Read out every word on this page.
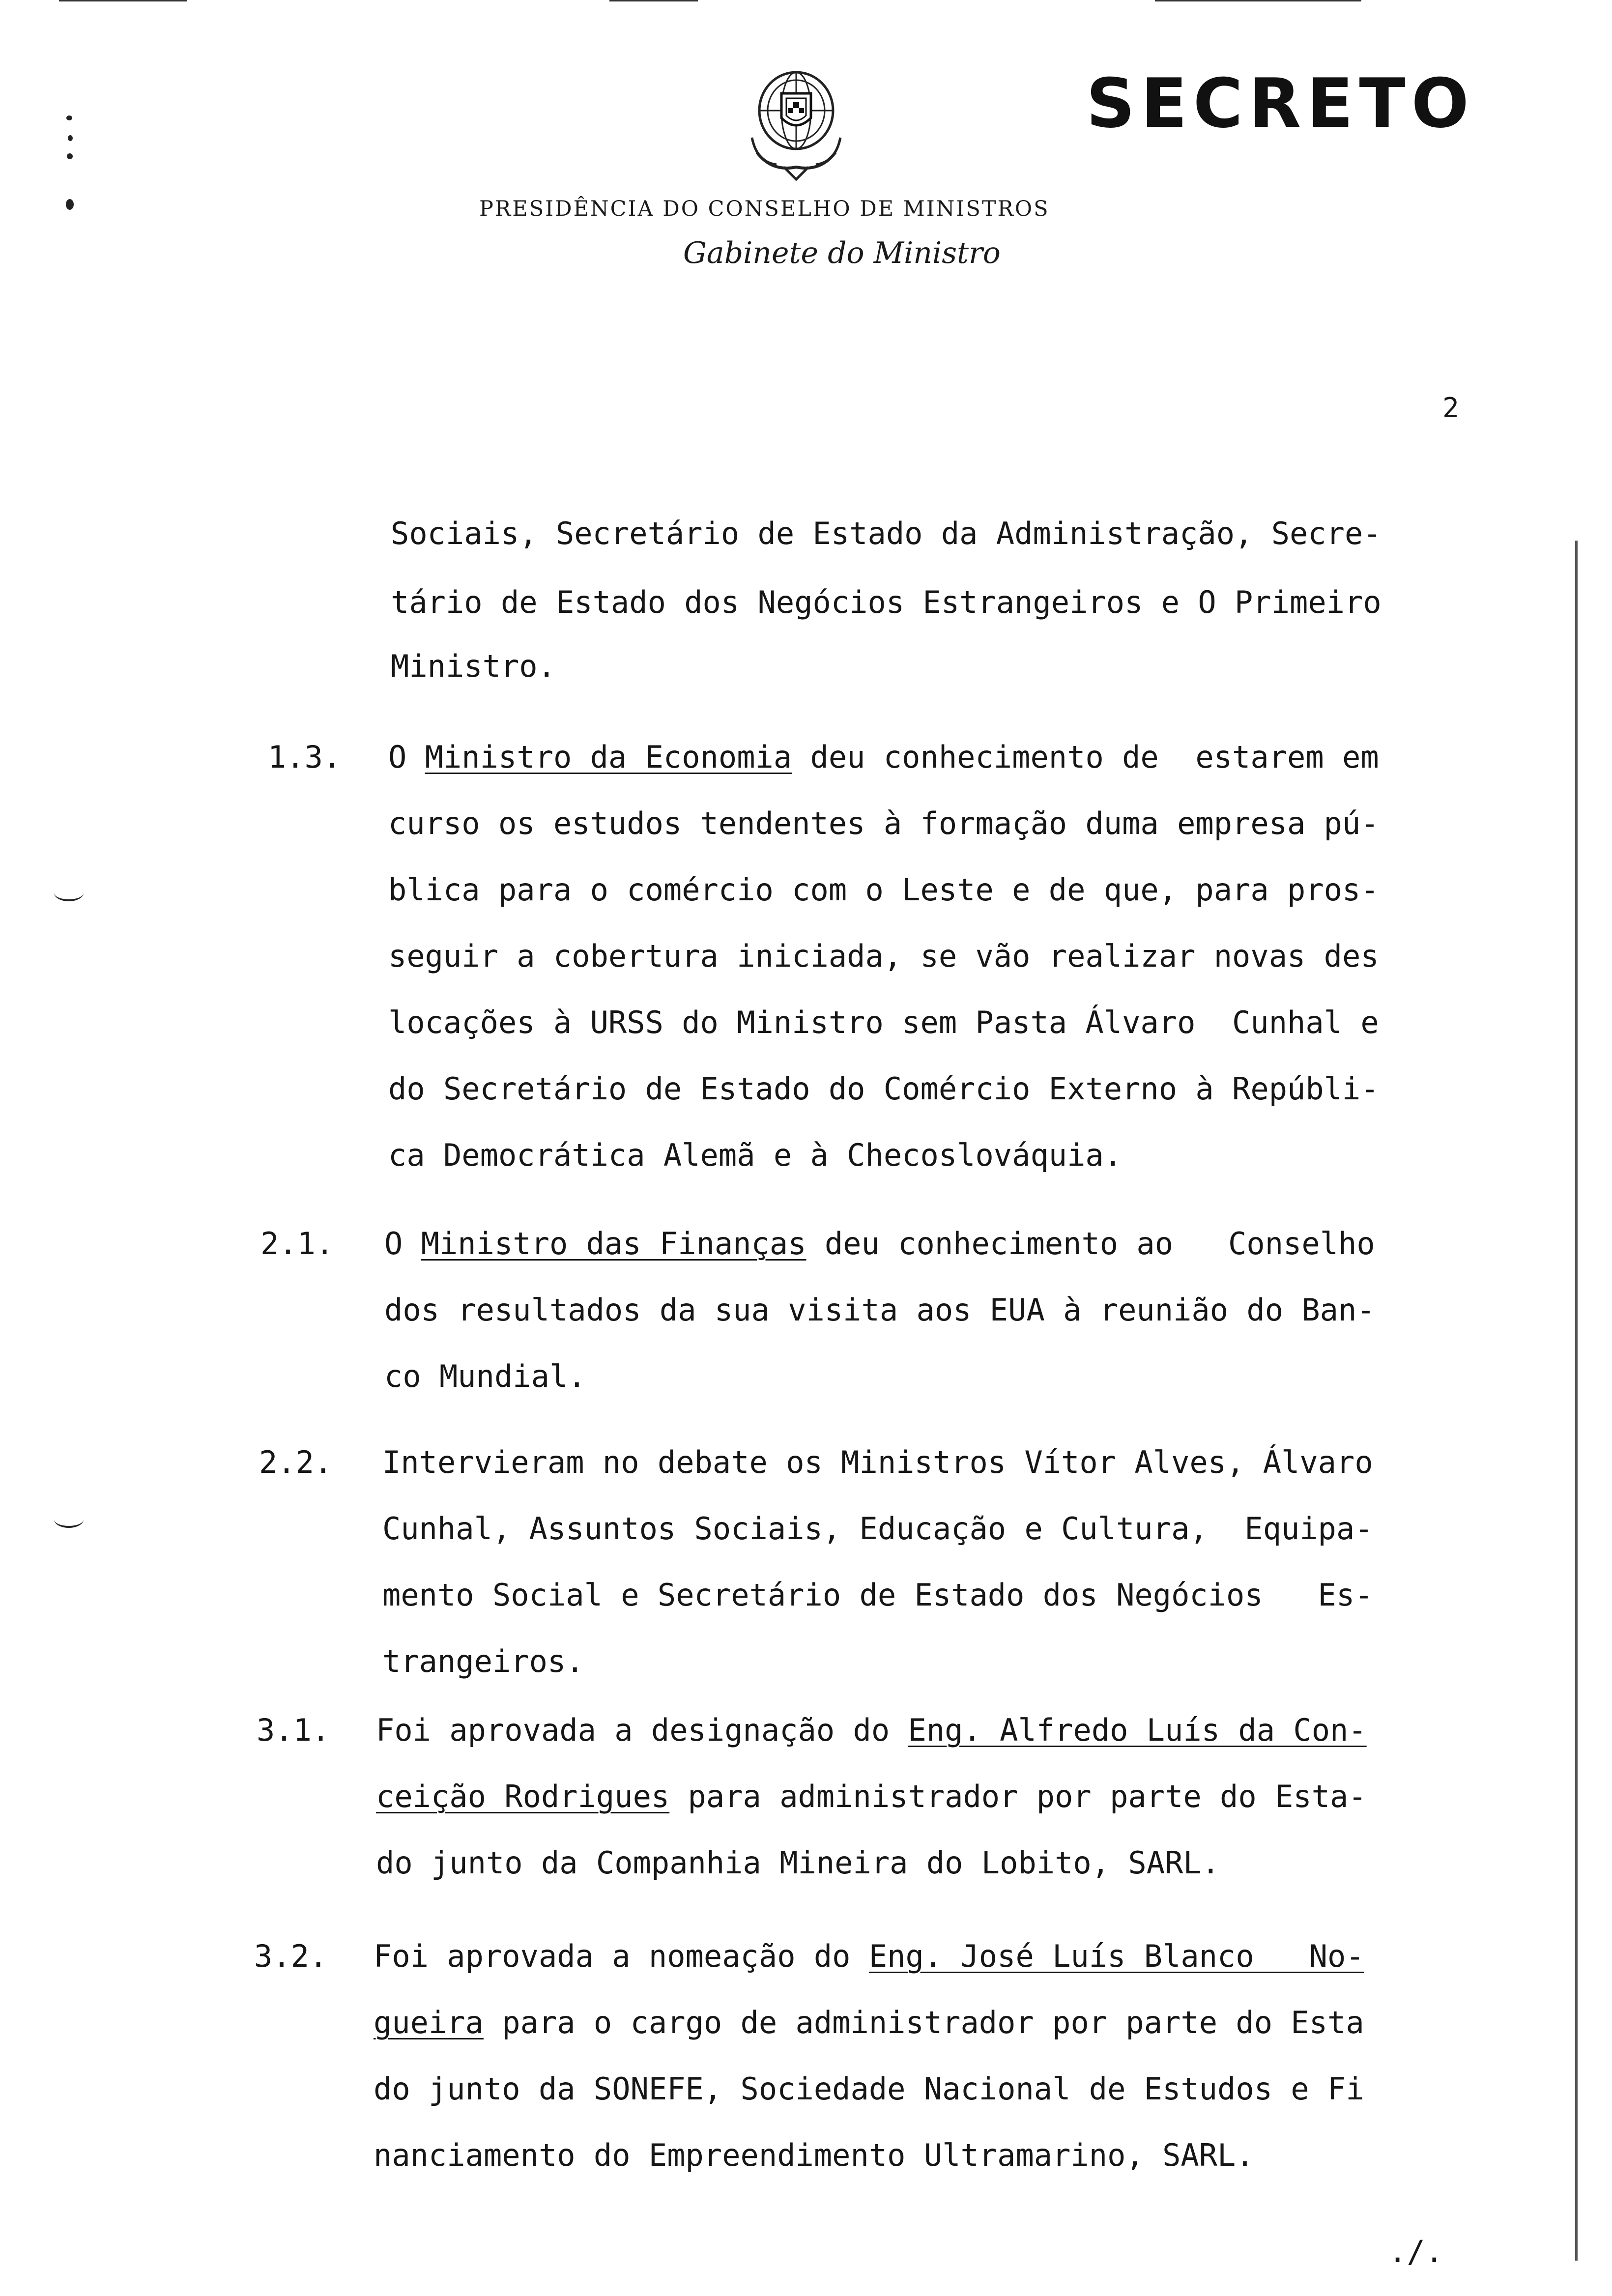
SECRETO
PRESIDÊNCIA DO CONSELHO DE MINISTROS
Gabinete do Ministro
2
Sociais, Secretário de Estado da Administração, Secre-
tário de Estado dos Negócios Estrangeiros e O Primeiro
Ministro.
1.3. O Ministro da Economia deu conhecimento de  estarem em
curso os estudos tendentes à formação duma empresa pú-
blica para o comércio com o Leste e de que, para pros-
seguir a cobertura iniciada, se vão realizar novas des
locações à URSS do Ministro sem Pasta Álvaro  Cunhal e
do Secretário de Estado do Comércio Externo à Repúbli-
ca Democrática Alemã e à Checoslováquia.
2.1. O Ministro das Finanças deu conhecimento ao   Conselho
dos resultados da sua visita aos EUA à reunião do Ban-
co Mundial.
2.2. Intervieram no debate os Ministros Vítor Alves, Álvaro
Cunhal, Assuntos Sociais, Educação e Cultura,  Equipa-
mento Social e Secretário de Estado dos Negócios   Es-
trangeiros.
3.1. Foi aprovada a designação do Eng. Alfredo Luís da Con-
ceição Rodrigues para administrador por parte do Esta-
do junto da Companhia Mineira do Lobito, SARL.
3.2. Foi aprovada a nomeação do Eng. José Luís Blanco   No-
gueira para o cargo de administrador por parte do Esta
do junto da SONEFE, Sociedade Nacional de Estudos e Fi
nanciamento do Empreendimento Ultramarino, SARL.
./.
